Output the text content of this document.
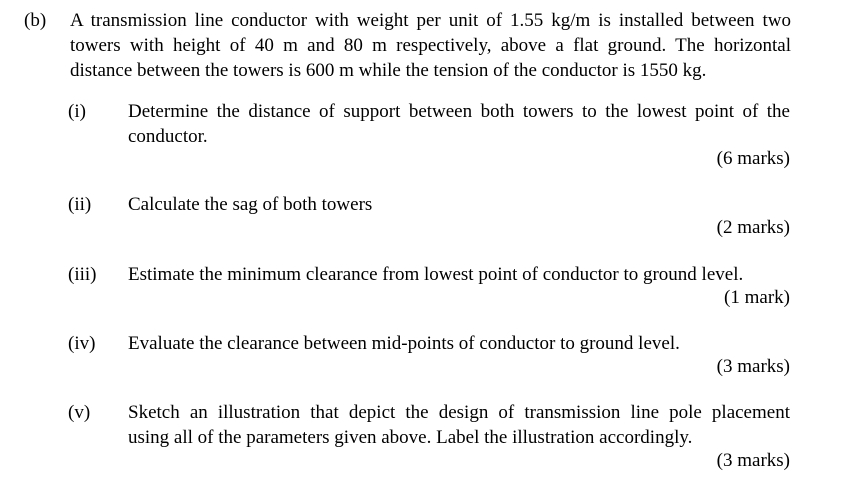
(b) A transmission line conductor with weight per unit of 1.55 kg/m is installed between two
towers with height of 40 m and 80 m respectively, above a flat ground. The horizontal
distance between the towers is 600 m while the tension of the conductor is 1550 kg.
(i) Determine the distance of support between both towers to the lowest point of the
conductor.
(6 marks)
(ii) Calculate the sag of both towers
(2 marks)
(iii) Estimate the minimum clearance from lowest point of conductor to ground level.
(1 mark)
(iv) Evaluate the clearance between mid-points of conductor to ground level.
(3 marks)
(v) Sketch an illustration that depict the design of transmission line pole placement
using all of the parameters given above. Label the illustration accordingly.
(3 marks)
